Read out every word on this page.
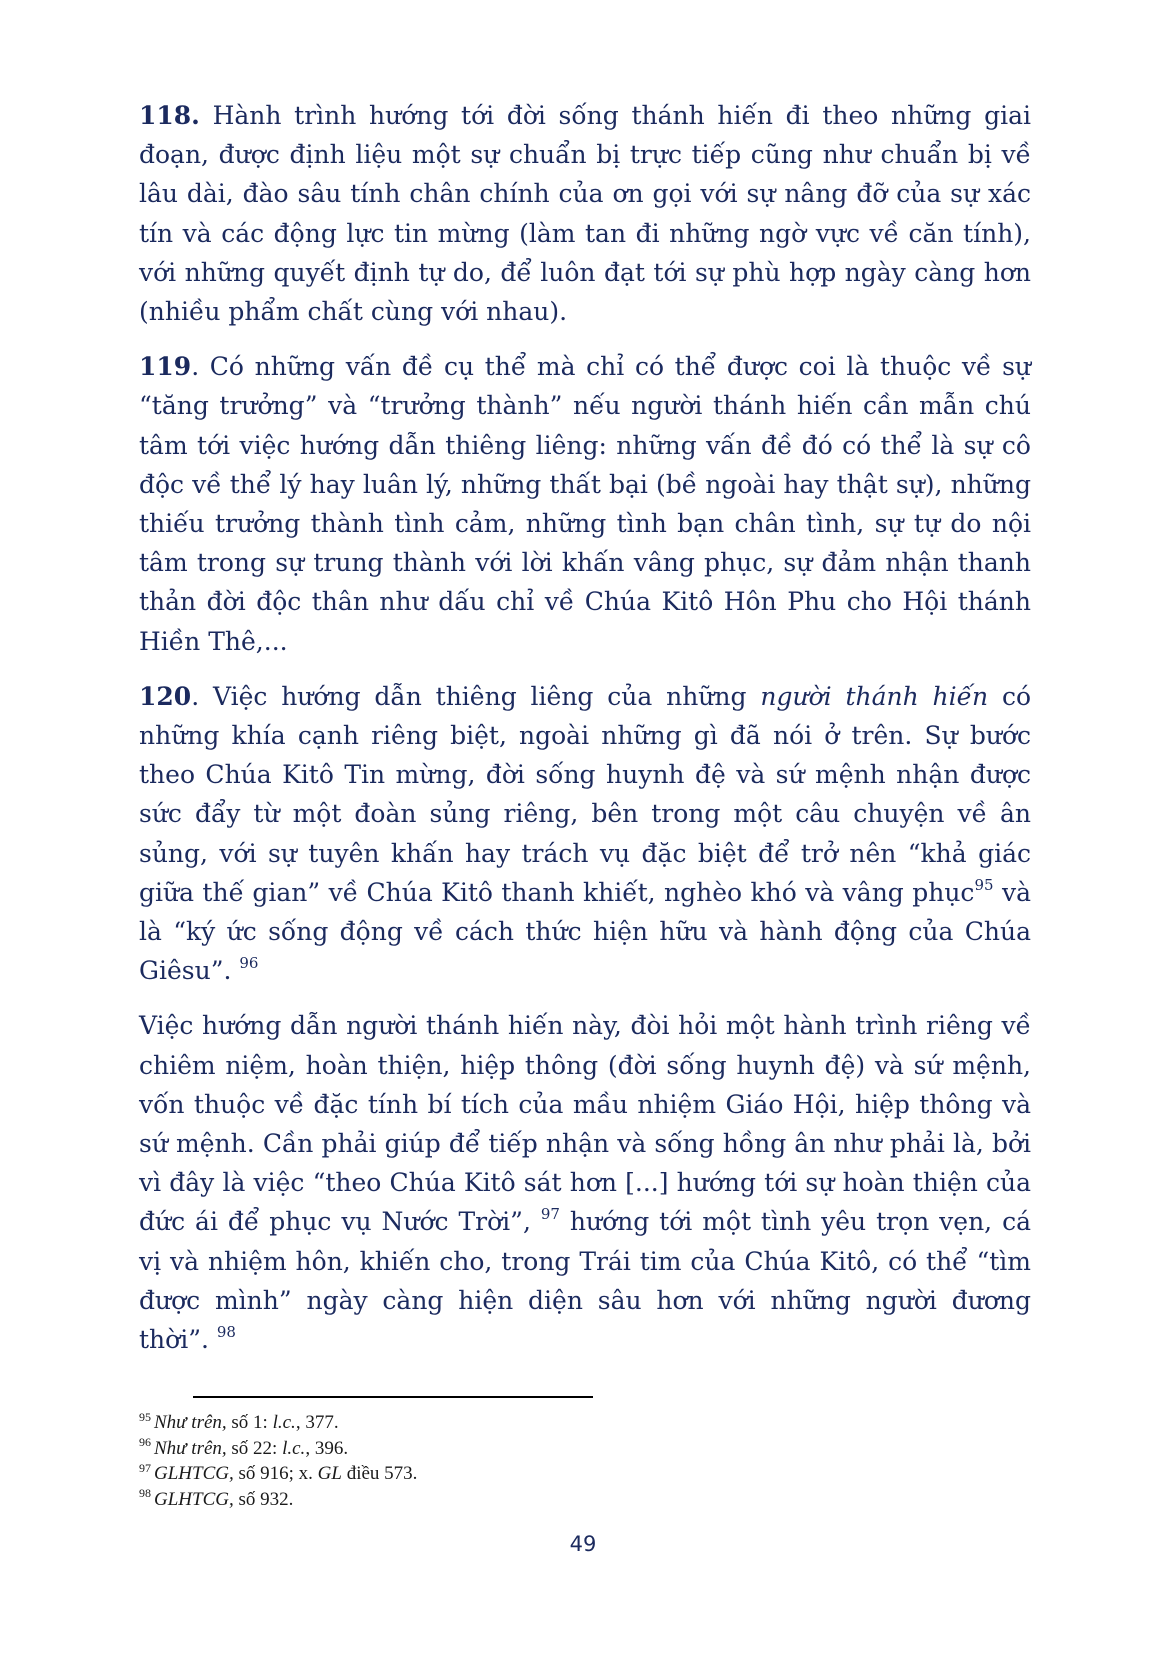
118. Hành trình hướng tới đời sống thánh hiến đi theo những giai đoạn, được định liệu một sự chuẩn bị trực tiếp cũng như chuẩn bị về lâu dài, đào sâu tính chân chính của ơn gọi với sự nâng đỡ của sự xác tín và các động lực tin mừng (làm tan đi những ngờ vực về căn tính), với những quyết định tự do, để luôn đạt tới sự phù hợp ngày càng hơn (nhiều phẩm chất cùng với nhau).

119. Có những vấn đề cụ thể mà chỉ có thể được coi là thuộc về sự “tăng trưởng” và “trưởng thành” nếu người thánh hiến cần mẫn chú tâm tới việc hướng dẫn thiêng liêng: những vấn đề đó có thể là sự cô độc về thể lý hay luân lý, những thất bại (bề ngoài hay thật sự), những thiếu trưởng thành tình cảm, những tình bạn chân tình, sự tự do nội tâm trong sự trung thành với lời khấn vâng phục, sự đảm nhận thanh thản đời độc thân như dấu chỉ về Chúa Kitô Hôn Phu cho Hội thánh Hiền Thê,...

120. Việc hướng dẫn thiêng liêng của những người thánh hiến có những khía cạnh riêng biệt, ngoài những gì đã nói ở trên. Sự bước theo Chúa Kitô Tin mừng, đời sống huynh đệ và sứ mệnh nhận được sức đẩy từ một đoàn sủng riêng, bên trong một câu chuyện về ân sủng, với sự tuyên khấn hay trách vụ đặc biệt để trở nên “khả giác giữa thế gian” về Chúa Kitô thanh khiết, nghèo khó và vâng phục$^{95}$ và là “ký ức sống động về cách thức hiện hữu và hành động của Chúa Giêsu”. $^{96}$

Việc hướng dẫn người thánh hiến này, đòi hỏi một hành trình riêng về chiêm niệm, hoàn thiện, hiệp thông (đời sống huynh đệ) và sứ mệnh, vốn thuộc về đặc tính bí tích của mầu nhiệm Giáo Hội, hiệp thông và sứ mệnh. Cần phải giúp để tiếp nhận và sống hồng ân như phải là, bởi vì đây là việc “theo Chúa Kitô sát hơn [...] hướng tới sự hoàn thiện của đức ái để phục vụ Nước Trời”, $^{97}$ hướng tới một tình yêu trọn vẹn, cá vị và nhiệm hôn, khiến cho, trong Trái tim của Chúa Kitô, có thể “tìm được mình” ngày càng hiện diện sâu hơn với những người đương thời”. $^{98}$

$^{95}$ Như trên, số 1: l.c., 377.

$^{96}$ Như trên, số 22: l.c., 396.

$^{97}$ GLHTCG, số 916; x. GL điều 573.

$^{98}$ GLHTCG, số 932.

49
